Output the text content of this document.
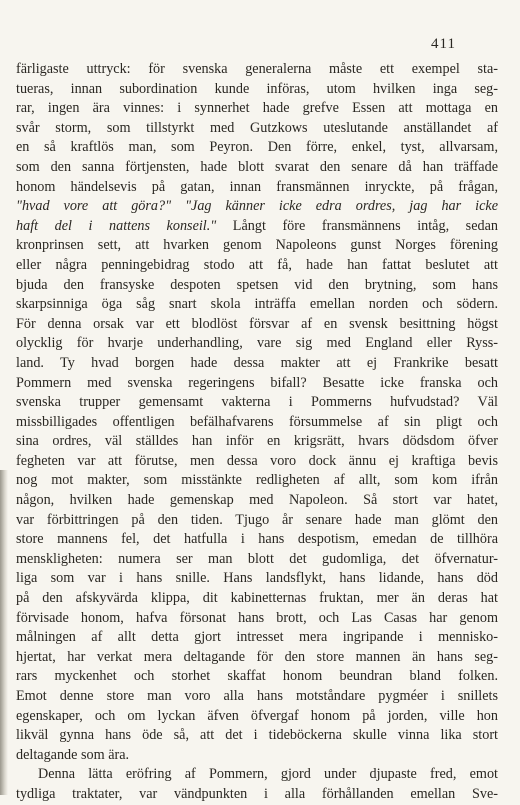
411
färligaste uttryck: för svenska generalerna måste ett exempel sta-
tueras, innan subordination kunde införas, utom hvilken inga seg-
rar, ingen ära vinnes: i synnerhet hade grefve Essen att mottaga en
svår storm, som tillstyrkt med Gutzkows uteslutande anställandet af
en så kraftlös man, som Peyron. Den förre, enkel, tyst, allvarsam,
som den sanna förtjensten, hade blott svarat den senare då han träffade
honom händelsevis på gatan, innan fransmännen inryckte, på frågan,
"hvad vore att göra?" "Jag känner icke edra ordres, jag har icke
haft del i nattens konseil." Långt före fransmännens intåg, sedan
kronprinsen sett, att hvarken genom Napoleons gunst Norges förening
eller några penningebidrag stodo att få, hade han fattat beslutet att
bjuda den fransyske despoten spetsen vid den brytning, som hans
skarpsinniga öga såg snart skola inträffa emellan norden och södern.
För denna orsak var ett blodlöst försvar af en svensk besittning högst
olycklig för hvarje underhandling, vare sig med England eller Ryss-
land. Ty hvad borgen hade dessa makter att ej Frankrike besatt
Pommern med svenska regeringens bifall? Besatte icke franska och
svenska trupper gemensamt vakterna i Pommerns hufvudstad? Väl
missbilligades offentligen befälhafvarens försummelse af sin pligt och
sina ordres, väl ställdes han inför en krigsrätt, hvars dödsdom öfver
fegheten var att förutse, men dessa voro dock ännu ej kraftiga bevis
nog mot makter, som misstänkte redligheten af allt, som kom ifrån
någon, hvilken hade gemenskap med Napoleon. Så stort var hatet,
var förbittringen på den tiden. Tjugo år senare hade man glömt den
store mannens fel, det hatfulla i hans despotism, emedan de tillhöra
menskligheten: numera ser man blott det gudomliga, det öfvernatur-
liga som var i hans snille. Hans landsflykt, hans lidande, hans död
på den afskyvärda klippa, dit kabinetternas fruktan, mer än deras hat
förvisade honom, hafva försonat hans brott, och Las Casas har genom
målningen af allt detta gjort intresset mera ingripande i mennisko-
hjertat, har verkat mera deltagande för den store mannen än hans seg-
rars myckenhet och storhet skaffat honom beundran bland folken.
Emot denne store man voro alla hans motståndare pygméer i snillets
egenskaper, och om lyckan äfven öfvergaf honom på jorden, ville hon
likväl gynna hans öde så, att det i tideböckerna skulle vinna lika stort
deltagande som ära.
Denna lätta eröfring af Pommern, gjord under djupaste fred, emot
tydliga traktater, var vändpunkten i alla förhållanden emellan Sve-
